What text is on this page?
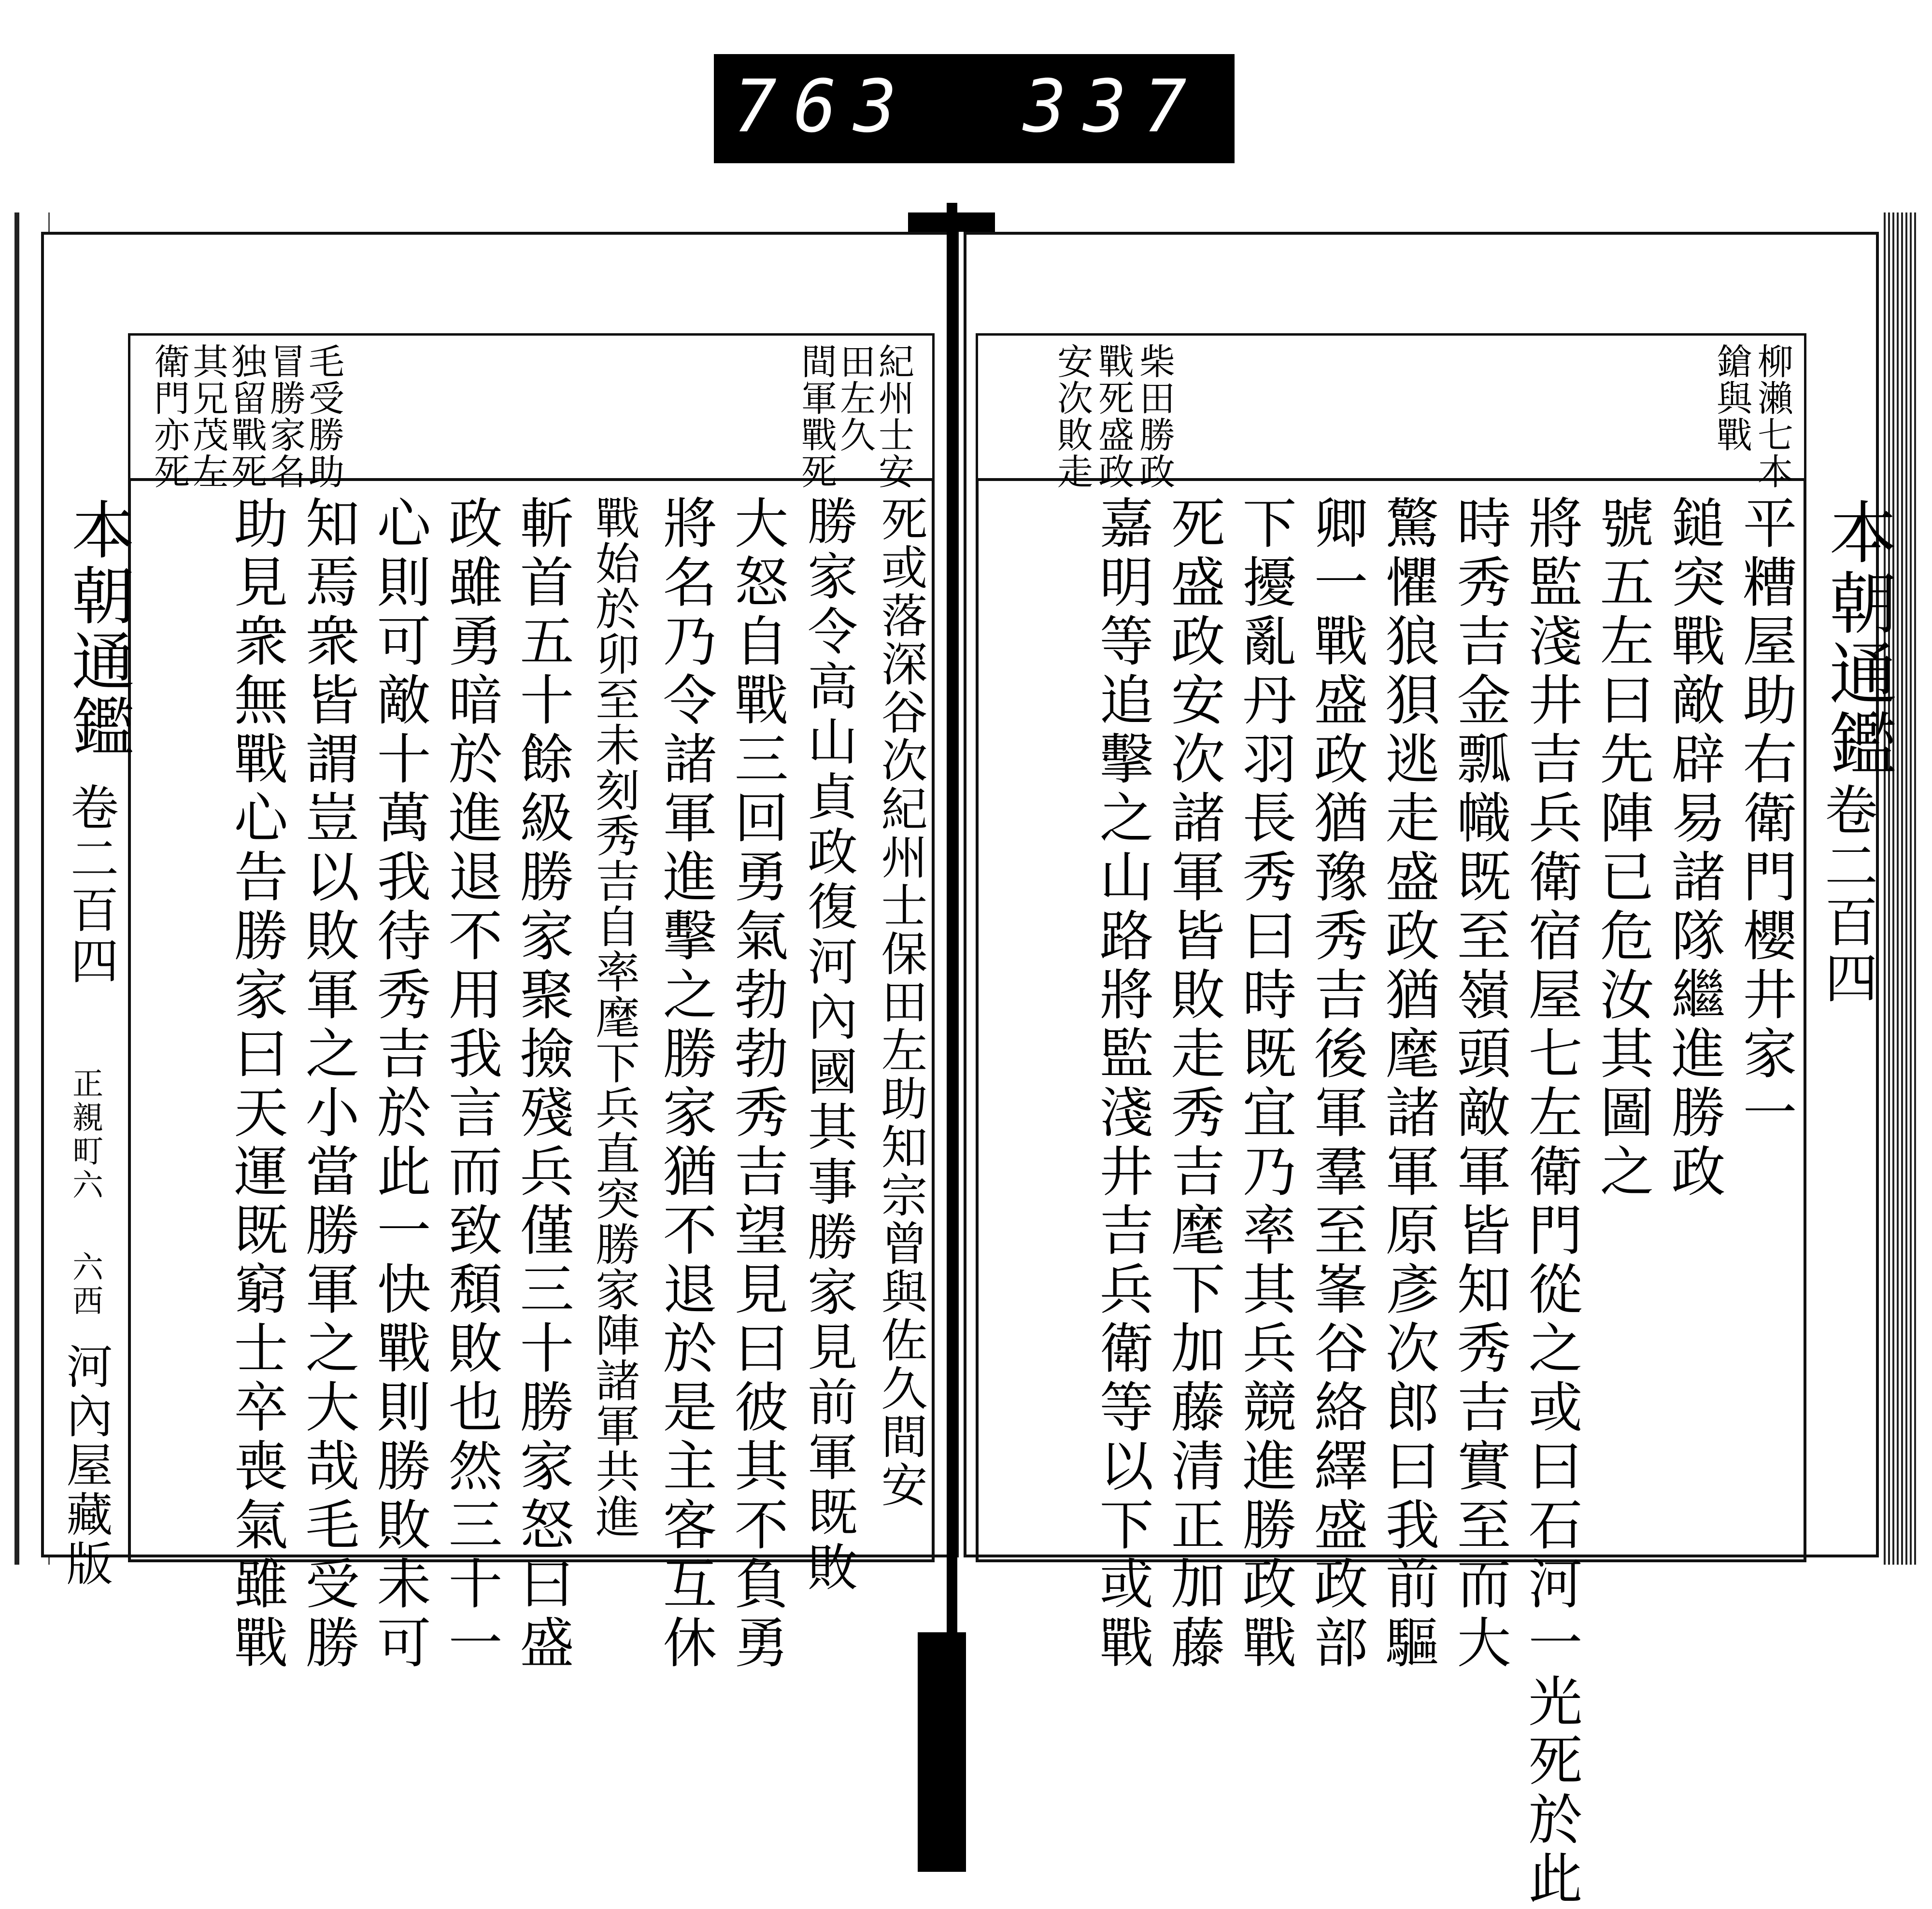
763 337
柳瀨七本
鎗與戰
柴田勝政
戰死盛政
安次敗走
平糟屋助右衛門櫻井家一
鎚突戰敵辟易諸隊繼進勝政
號五左曰先陣已危汝其圖之
將監淺井吉兵衛宿屋七左衛門從之或曰石河一光死於此
時秀吉金瓢幟既至嶺頭敵軍皆知秀吉實至而大
驚懼狼狽逃走盛政猶麾諸軍原彥次郎曰我前驅
卿一戰盛政猶豫秀吉後軍羣至峯谷絡繹盛政部
下擾亂丹羽長秀曰時既宜乃率其兵競進勝政戰
死盛政安次諸軍皆敗走秀吉麾下加藤清正加藤
嘉明等追擊之山路將監淺井吉兵衛等以下或戰	本朝通鑑
卷二百四
紀州士安
田左久
間軍戰死
毛受勝助
冒勝家名
独留戰死
其兄茂左
衛門亦死
死或落深谷次紀州士保田左助知宗曾與佐久間安
勝家令高山貞政復河內國其事勝家見前軍既敗
大怒自戰三回勇氣勃勃秀吉望見曰彼其不負勇
將名乃令諸軍進擊之勝家猶不退於是主客互休
戰始於卯至未刻秀吉自率麾下兵直突勝家陣諸軍共進
斬首五十餘級勝家聚撿殘兵僅三十勝家怒曰盛
政雖勇暗於進退不用我言而致頽敗也然三十一
心則可敵十萬我待秀吉於此一快戰則勝敗未可
知焉衆皆謂豈以敗軍之小當勝軍之大哉毛受勝
助見衆無戰心告勝家曰天運既窮士卒喪氣雖戰
本朝通鑑
卷二百四
正親町六
六西
河內屋藏版
